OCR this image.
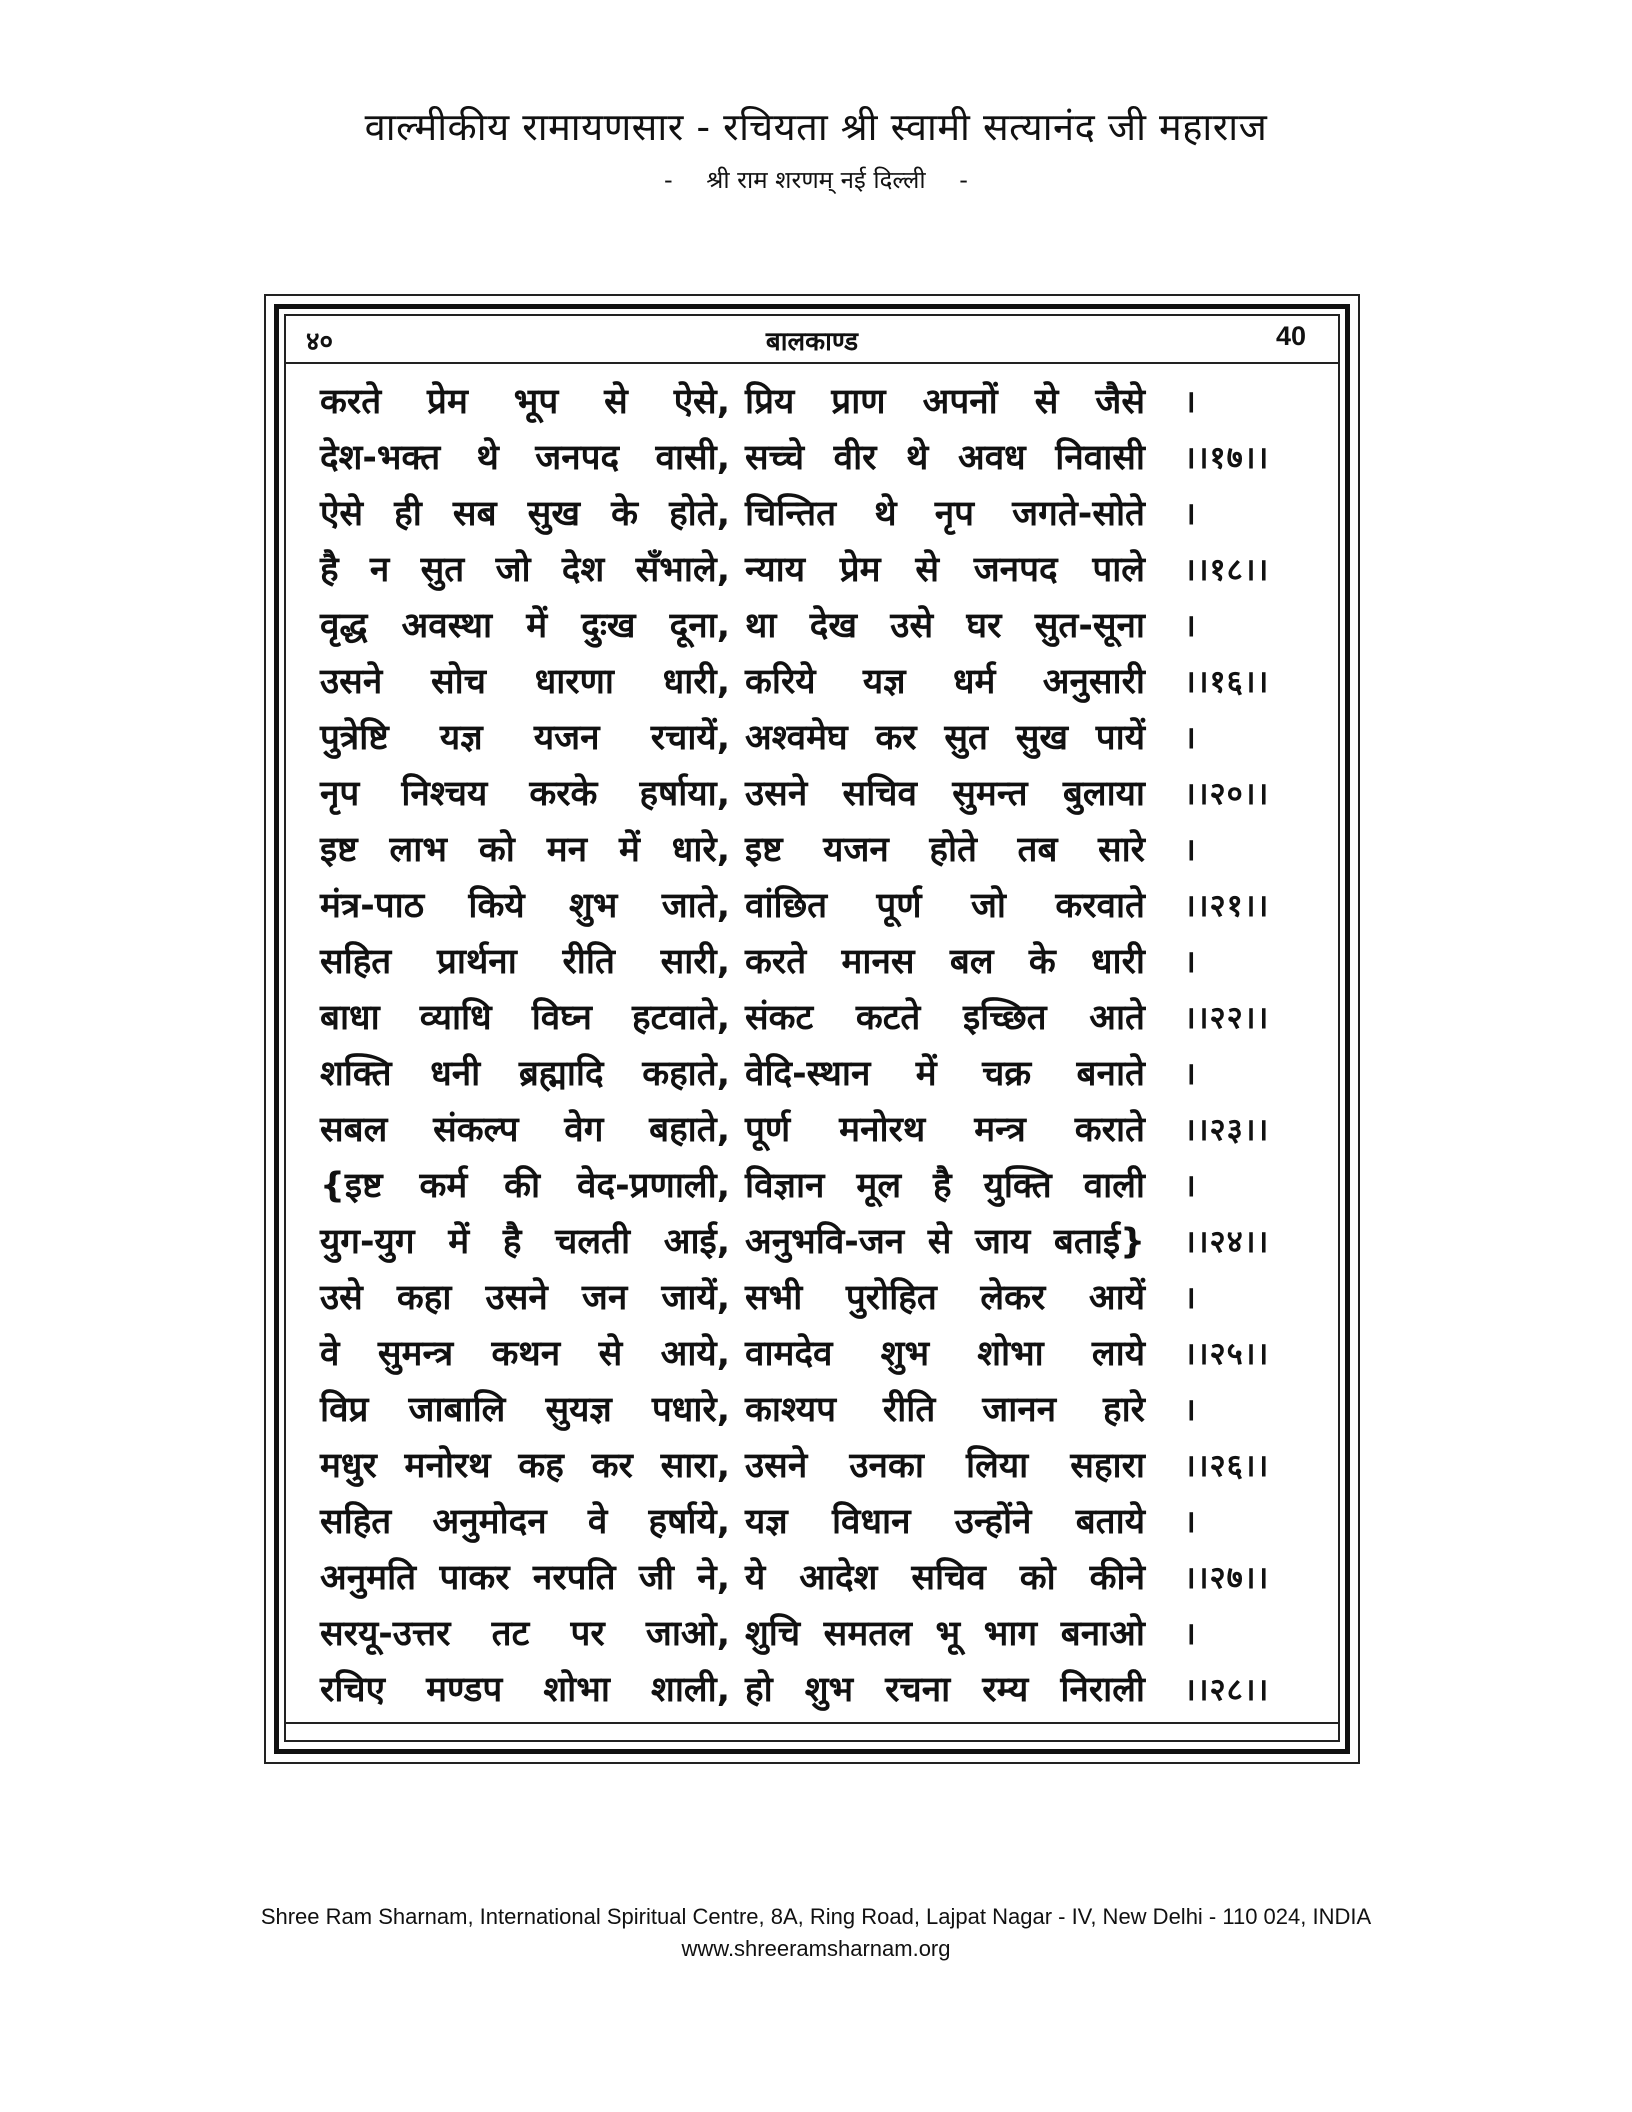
वाल्मीकीय रामायणसार - रचियता श्री स्वामी सत्यानंद जी महाराज
- श्री राम शरणम् नई दिल्ली -
४०	बालकाण्ड	40
करते प्रेम भूप से ऐसे, प्रिय प्राण अपनों से जैसे ।
देश-भक्त थे जनपद वासी, सच्चे वीर थे अवध निवासी ।।१७।।
ऐसे ही सब सुख के होते, चिन्तित थे नृप जगते-सोते ।
है न सुत जो देश सँभाले, न्याय प्रेम से जनपद पाले ।।१८।।
वृद्ध अवस्था में दुःख दूना, था देख उसे घर सुत-सूना ।
उसने सोच धारणा धारी, करिये यज्ञ धर्म अनुसारी ।।१६।।
पुत्रेष्टि यज्ञ यजन रचायें, अश्वमेघ कर सुत सुख पायें ।
नृप निश्चय करके हर्षाया, उसने सचिव सुमन्त बुलाया ।।२०।।
इष्ट लाभ को मन में धारे, इष्ट यजन होते तब सारे ।
मंत्र-पाठ किये शुभ जाते, वांछित पूर्ण जो करवाते ।।२१।।
सहित प्रार्थना रीति सारी, करते मानस बल के धारी ।
बाधा व्याधि विघ्न हटवाते, संकट कटते इच्छित आते ।।२२।।
शक्ति धनी ब्रह्मादि कहाते, वेदि-स्थान में चक्र बनाते ।
सबल संकल्प वेग बहाते, पूर्ण मनोरथ मन्त्र कराते ।।२३।।
{इष्ट कर्म की वेद-प्रणाली, विज्ञान मूल है युक्ति वाली ।
युग-युग में है चलती आई, अनुभवि-जन से जाय बताई} ।।२४।।
उसे कहा उसने जन जायें, सभी पुरोहित लेकर आयें ।
वे सुमन्त्र कथन से आये, वामदेव शुभ शोभा लाये ।।२५।।
विप्र जाबालि सुयज्ञ पधारे, काश्यप रीति जानन हारे ।
मधुर मनोरथ कह कर सारा, उसने उनका लिया सहारा ।।२६।।
सहित अनुमोदन वे हर्षाये, यज्ञ विधान उन्होंने बताये ।
अनुमति पाकर नरपति जी ने, ये आदेश सचिव को कीने ।।२७।।
सरयू-उत्तर तट पर जाओ, शुचि समतल भू भाग बनाओ ।
रचिए मण्डप शोभा शाली, हो शुभ रचना रम्य निराली ।।२८।।
Shree Ram Sharnam, International Spiritual Centre, 8A, Ring Road, Lajpat Nagar - IV, New Delhi - 110 024, INDIA
www.shreeramsharnam.org
